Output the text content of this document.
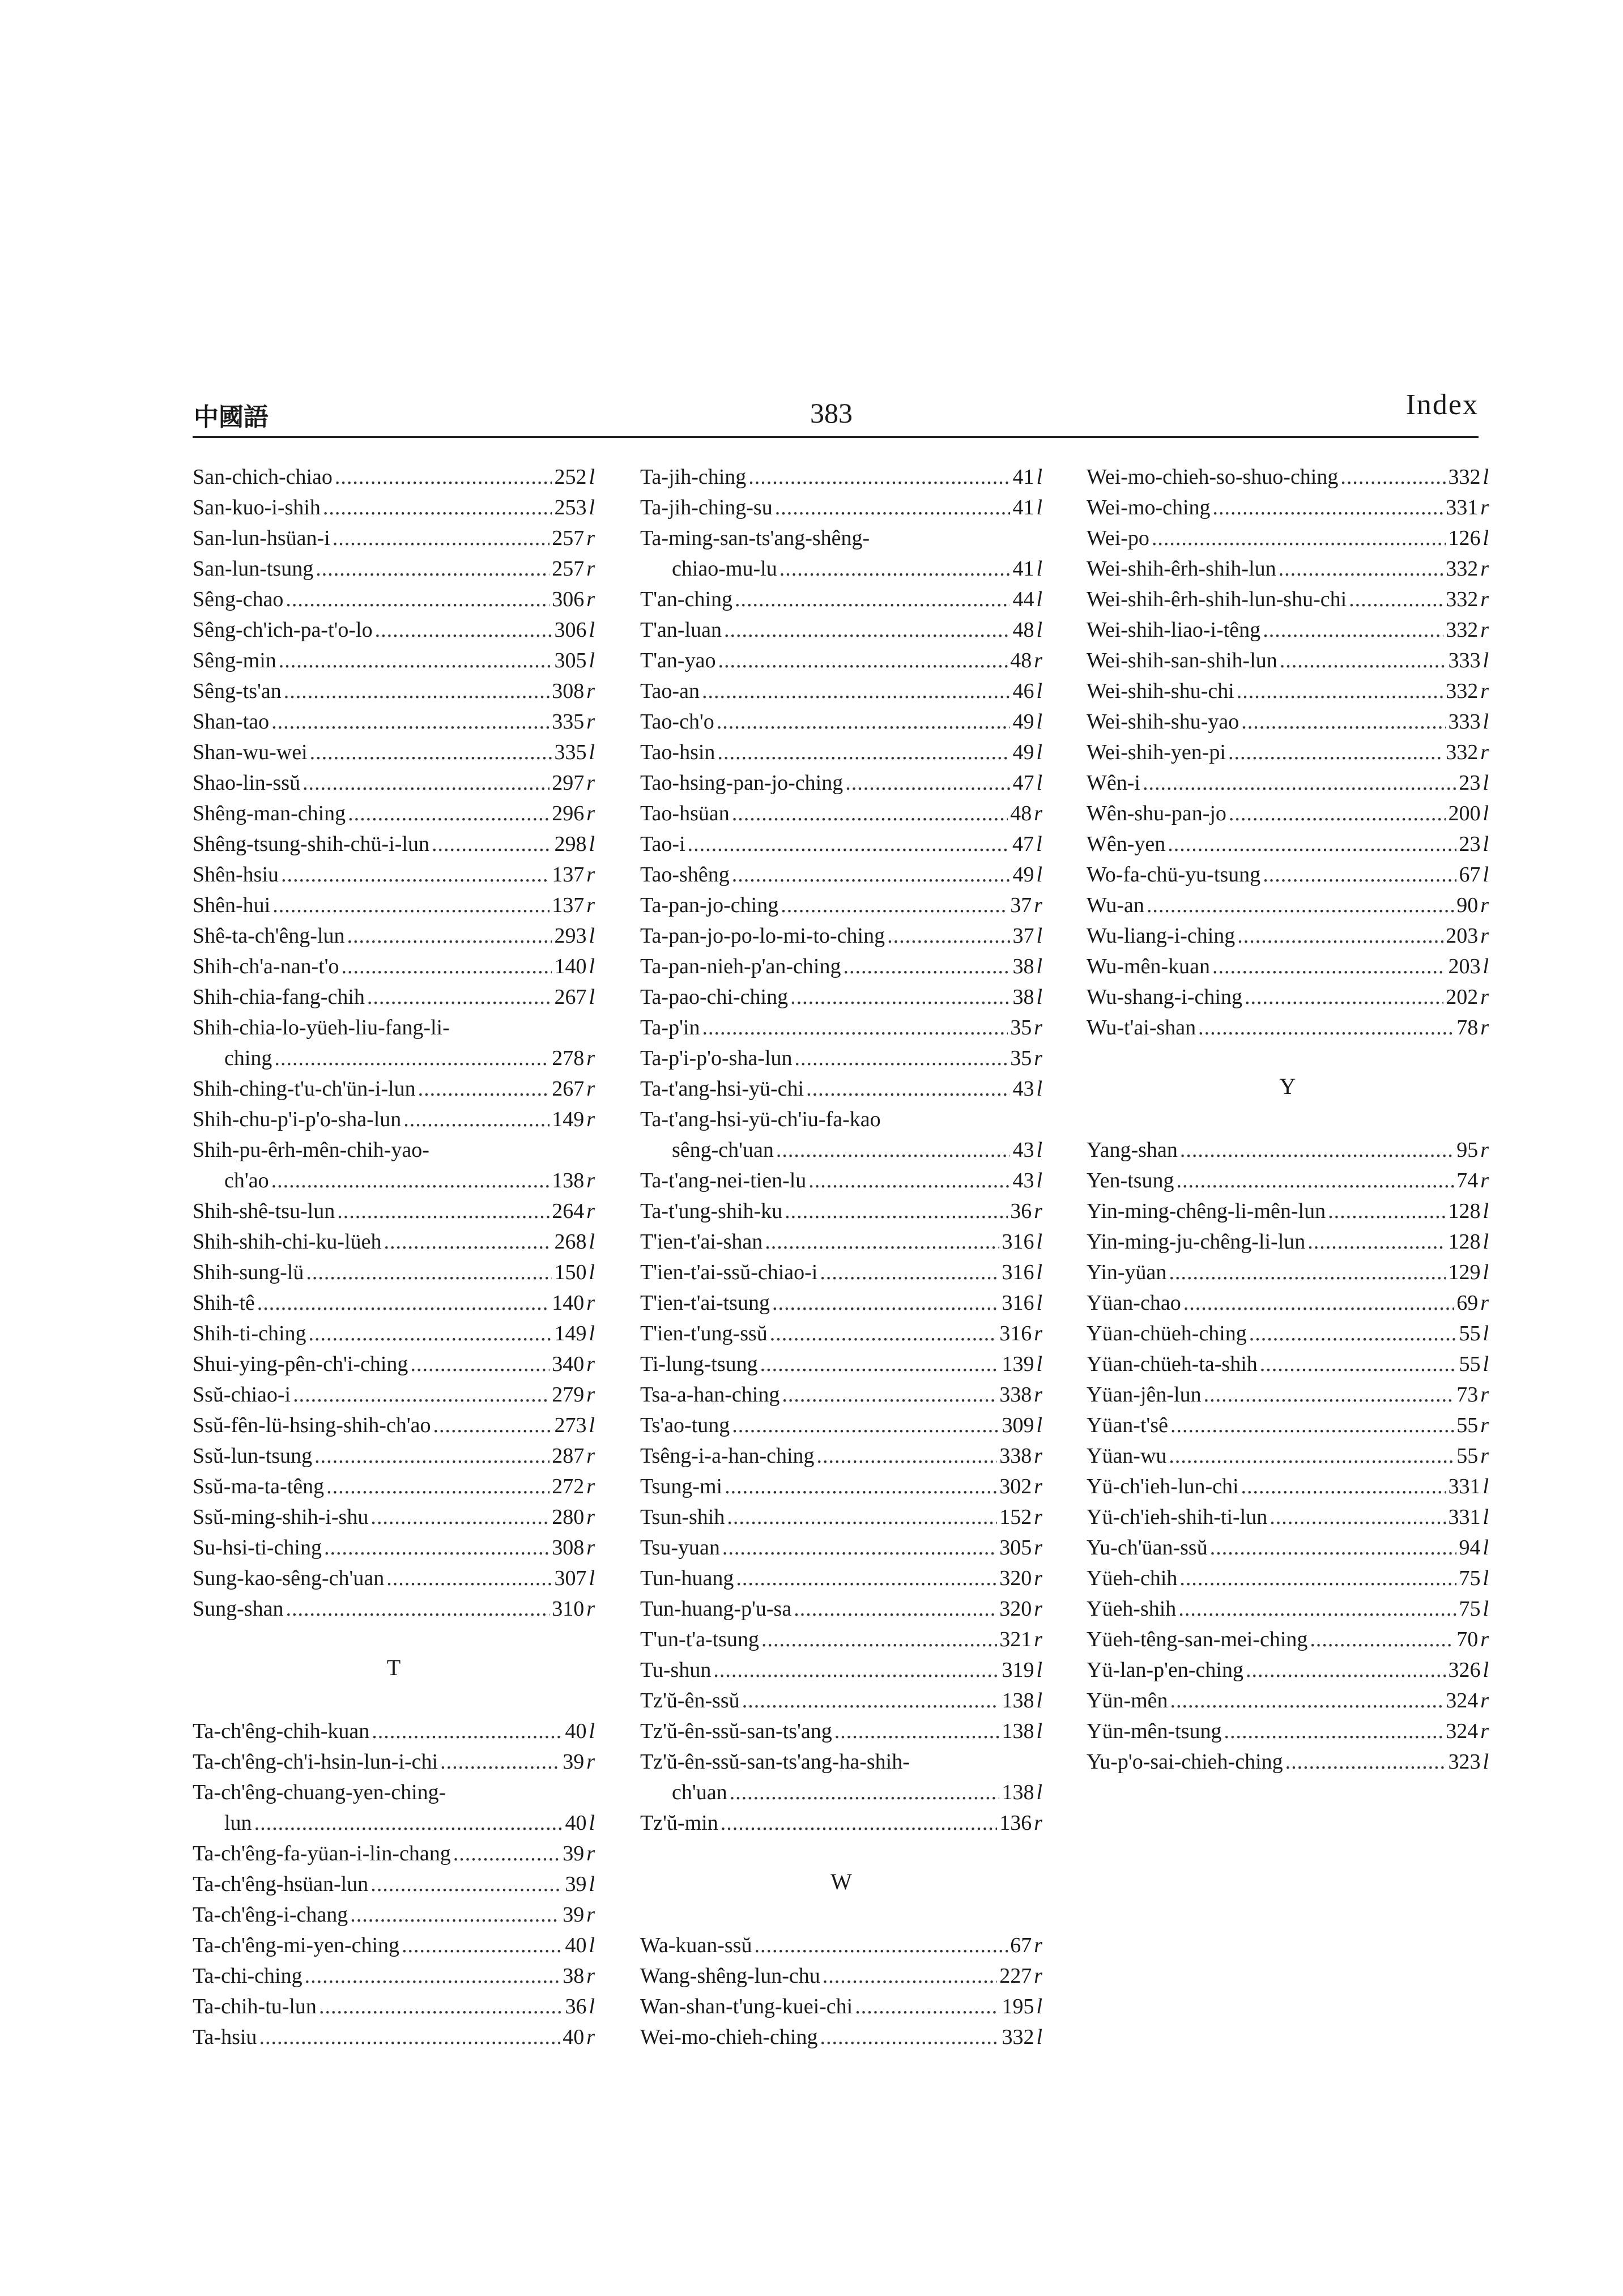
中國語	383	Index
San-chich-chiao .....	252 l
San-kuo-i-shih .....	253 l
San-lun-hsüan-i .....	257 r
San-lun-tsung .....	257 r
Sêng-chao .....	306 r
Sêng-ch'ich-pa-t'o-lo .....	306 l
Sêng-min .....	305 l
Sêng-ts'an .....	308 r
Shan-tao .....	335 r
Shan-wu-wei .....	335 l
Shao-lin-ssŭ .....	297 r
Shêng-man-ching .....	296 r
Shêng-tsung-shih-chü-i-lun .....	298 l
Shên-hsiu .....	137 r
Shên-hui .....	137 r
Shê-ta-ch'êng-lun .....	293 l
Shih-ch'a-nan-t'o .....	140 l
Shih-chia-fang-chih .....	267 l
Shih-chia-lo-yüeh-liu-fang-li-
ching .....	278 r
Shih-ching-t'u-ch'ün-i-lun .....	267 r
Shih-chu-p'i-p'o-sha-lun .....	149 r
Shih-pu-êrh-mên-chih-yao-
ch'ao .....	138 r
Shih-shê-tsu-lun .....	264 r
Shih-shih-chi-ku-lüeh .....	268 l
Shih-sung-lü .....	150 l
Shih-tê .....	140 r
Shih-ti-ching .....	149 l
Shui-ying-pên-ch'i-ching .....	340 r
Ssŭ-chiao-i .....	279 r
Ssŭ-fên-lü-hsing-shih-ch'ao .....	273 l
Ssŭ-lun-tsung .....	287 r
Ssŭ-ma-ta-têng .....	272 r
Ssŭ-ming-shih-i-shu .....	280 r
Su-hsi-ti-ching .....	308 r
Sung-kao-sêng-ch'uan .....	307 l
Sung-shan .....	310 r
T
Ta-ch'êng-chih-kuan .....	40 l
Ta-ch'êng-ch'i-hsin-lun-i-chi .....	39 r
Ta-ch'êng-chuang-yen-ching-
lun .....	40 l
Ta-ch'êng-fa-yüan-i-lin-chang .....	39 r
Ta-ch'êng-hsüan-lun .....	39 l
Ta-ch'êng-i-chang .....	39 r
Ta-ch'êng-mi-yen-ching .....	40 l
Ta-chi-ching .....	38 r
Ta-chih-tu-lun .....	36 l
Ta-hsiu .....	40 r
Ta-jih-ching .....	41 l
Ta-jih-ching-su .....	41 l
Ta-ming-san-ts'ang-shêng-
chiao-mu-lu .....	41 l
T'an-ching .....	44 l
T'an-luan .....	48 l
T'an-yao .....	48 r
Tao-an .....	46 l
Tao-ch'o .....	49 l
Tao-hsin .....	49 l
Tao-hsing-pan-jo-ching .....	47 l
Tao-hsüan .....	48 r
Tao-i .....	47 l
Tao-shêng .....	49 l
Ta-pan-jo-ching .....	37 r
Ta-pan-jo-po-lo-mi-to-ching .....	37 l
Ta-pan-nieh-p'an-ching .....	38 l
Ta-pao-chi-ching .....	38 l
Ta-p'in .....	35 r
Ta-p'i-p'o-sha-lun .....	35 r
Ta-t'ang-hsi-yü-chi .....	43 l
Ta-t'ang-hsi-yü-ch'iu-fa-kao
sêng-ch'uan .....	43 l
Ta-t'ang-nei-tien-lu .....	43 l
Ta-t'ung-shih-ku .....	36 r
T'ien-t'ai-shan .....	316 l
T'ien-t'ai-ssŭ-chiao-i .....	316 l
T'ien-t'ai-tsung .....	316 l
T'ien-t'ung-ssŭ .....	316 r
Ti-lung-tsung .....	139 l
Tsa-a-han-ching .....	338 r
Ts'ao-tung .....	309 l
Tsêng-i-a-han-ching .....	338 r
Tsung-mi .....	302 r
Tsun-shih .....	152 r
Tsu-yuan .....	305 r
Tun-huang .....	320 r
Tun-huang-p'u-sa .....	320 r
T'un-t'a-tsung .....	321 r
Tu-shun .....	319 l
Tz'ŭ-ên-ssŭ .....	138 l
Tz'ŭ-ên-ssŭ-san-ts'ang .....	138 l
Tz'ŭ-ên-ssŭ-san-ts'ang-ha-shih-
ch'uan .....	138 l
Tz'ŭ-min .....	136 r
W
Wa-kuan-ssŭ .....	67 r
Wang-shêng-lun-chu .....	227 r
Wan-shan-t'ung-kuei-chi .....	195 l
Wei-mo-chieh-ching .....	332 l
Wei-mo-chieh-so-shuo-ching .....	332 l
Wei-mo-ching .....	331 r
Wei-po .....	126 l
Wei-shih-êrh-shih-lun .....	332 r
Wei-shih-êrh-shih-lun-shu-chi .....	332 r
Wei-shih-liao-i-têng .....	332 r
Wei-shih-san-shih-lun .....	333 l
Wei-shih-shu-chi .....	332 r
Wei-shih-shu-yao .....	333 l
Wei-shih-yen-pi .....	332 r
Wên-i .....	23 l
Wên-shu-pan-jo .....	200 l
Wên-yen .....	23 l
Wo-fa-chü-yu-tsung .....	67 l
Wu-an .....	90 r
Wu-liang-i-ching .....	203 r
Wu-mên-kuan .....	203 l
Wu-shang-i-ching .....	202 r
Wu-t'ai-shan .....	78 r
Y
Yang-shan .....	95 r
Yen-tsung .....	74 r
Yin-ming-chêng-li-mên-lun .....	128 l
Yin-ming-ju-chêng-li-lun .....	128 l
Yin-yüan .....	129 l
Yüan-chao .....	69 r
Yüan-chüeh-ching .....	55 l
Yüan-chüeh-ta-shih .....	55 l
Yüan-jên-lun .....	73 r
Yüan-t'sê .....	55 r
Yüan-wu .....	55 r
Yü-ch'ieh-lun-chi .....	331 l
Yü-ch'ieh-shih-ti-lun .....	331 l
Yu-ch'üan-ssŭ .....	94 l
Yüeh-chih .....	75 l
Yüeh-shih .....	75 l
Yüeh-têng-san-mei-ching .....	70 r
Yü-lan-p'en-ching .....	326 l
Yün-mên .....	324 r
Yün-mên-tsung .....	324 r
Yu-p'o-sai-chieh-ching .....	323 l
